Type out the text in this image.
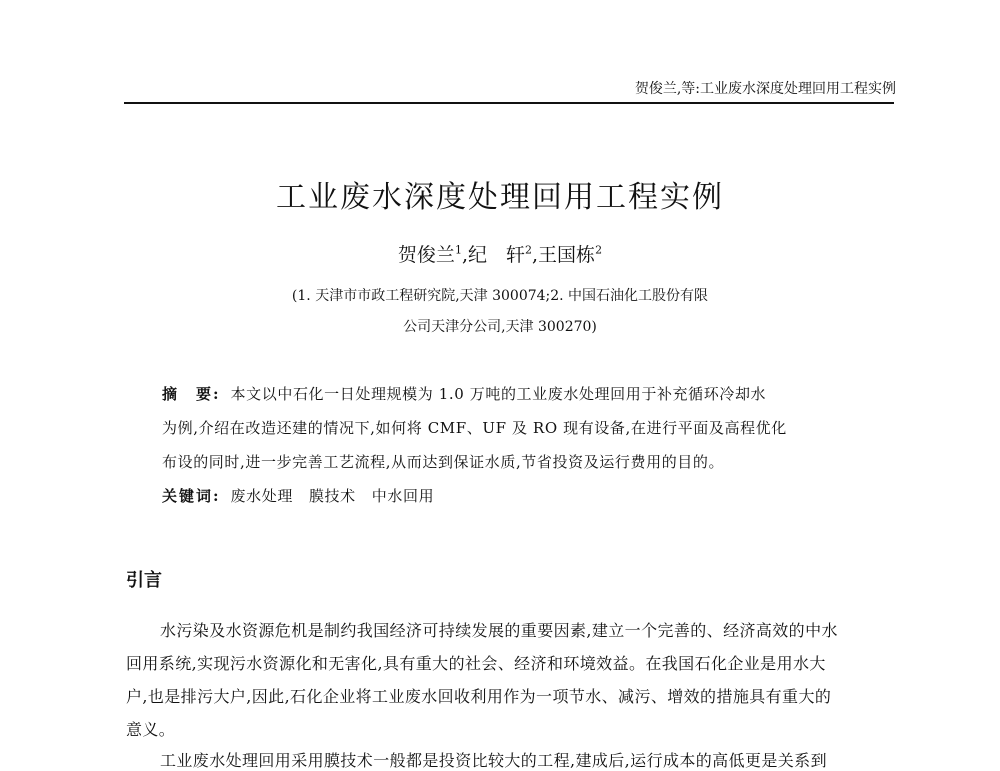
贺俊兰,等:工业废水深度处理回用工程实例
工业废水深度处理回用工程实例
贺俊兰$^1$,纪　轩$^2$,王国栋$^2$
(1. 天津市市政工程研究院,天津 300074;2. 中国石油化工股份有限
公司天津分公司,天津 300270)
摘　要: 本文以中石化一日处理规模为 1.0 万吨的工业废水处理回用于补充循环冷却水
为例,介绍在改造还建的情况下,如何将 CMF、UF 及 RO 现有设备,在进行平面及高程优化
布设的同时,进一步完善工艺流程,从而达到保证水质,节省投资及运行费用的目的。
关键词: 废水处理 膜技术 中水回用
引言
水污染及水资源危机是制约我国经济可持续发展的重要因素,建立一个完善的、经济高效的中水
回用系统,实现污水资源化和无害化,具有重大的社会、经济和环境效益。在我国石化企业是用水大
户,也是排污大户,因此,石化企业将工业废水回收利用作为一项节水、减污、增效的措施具有重大的
意义。
工业废水处理回用采用膜技术一般都是投资比较大的工程,建成后,运行成本的高低更是关系到
